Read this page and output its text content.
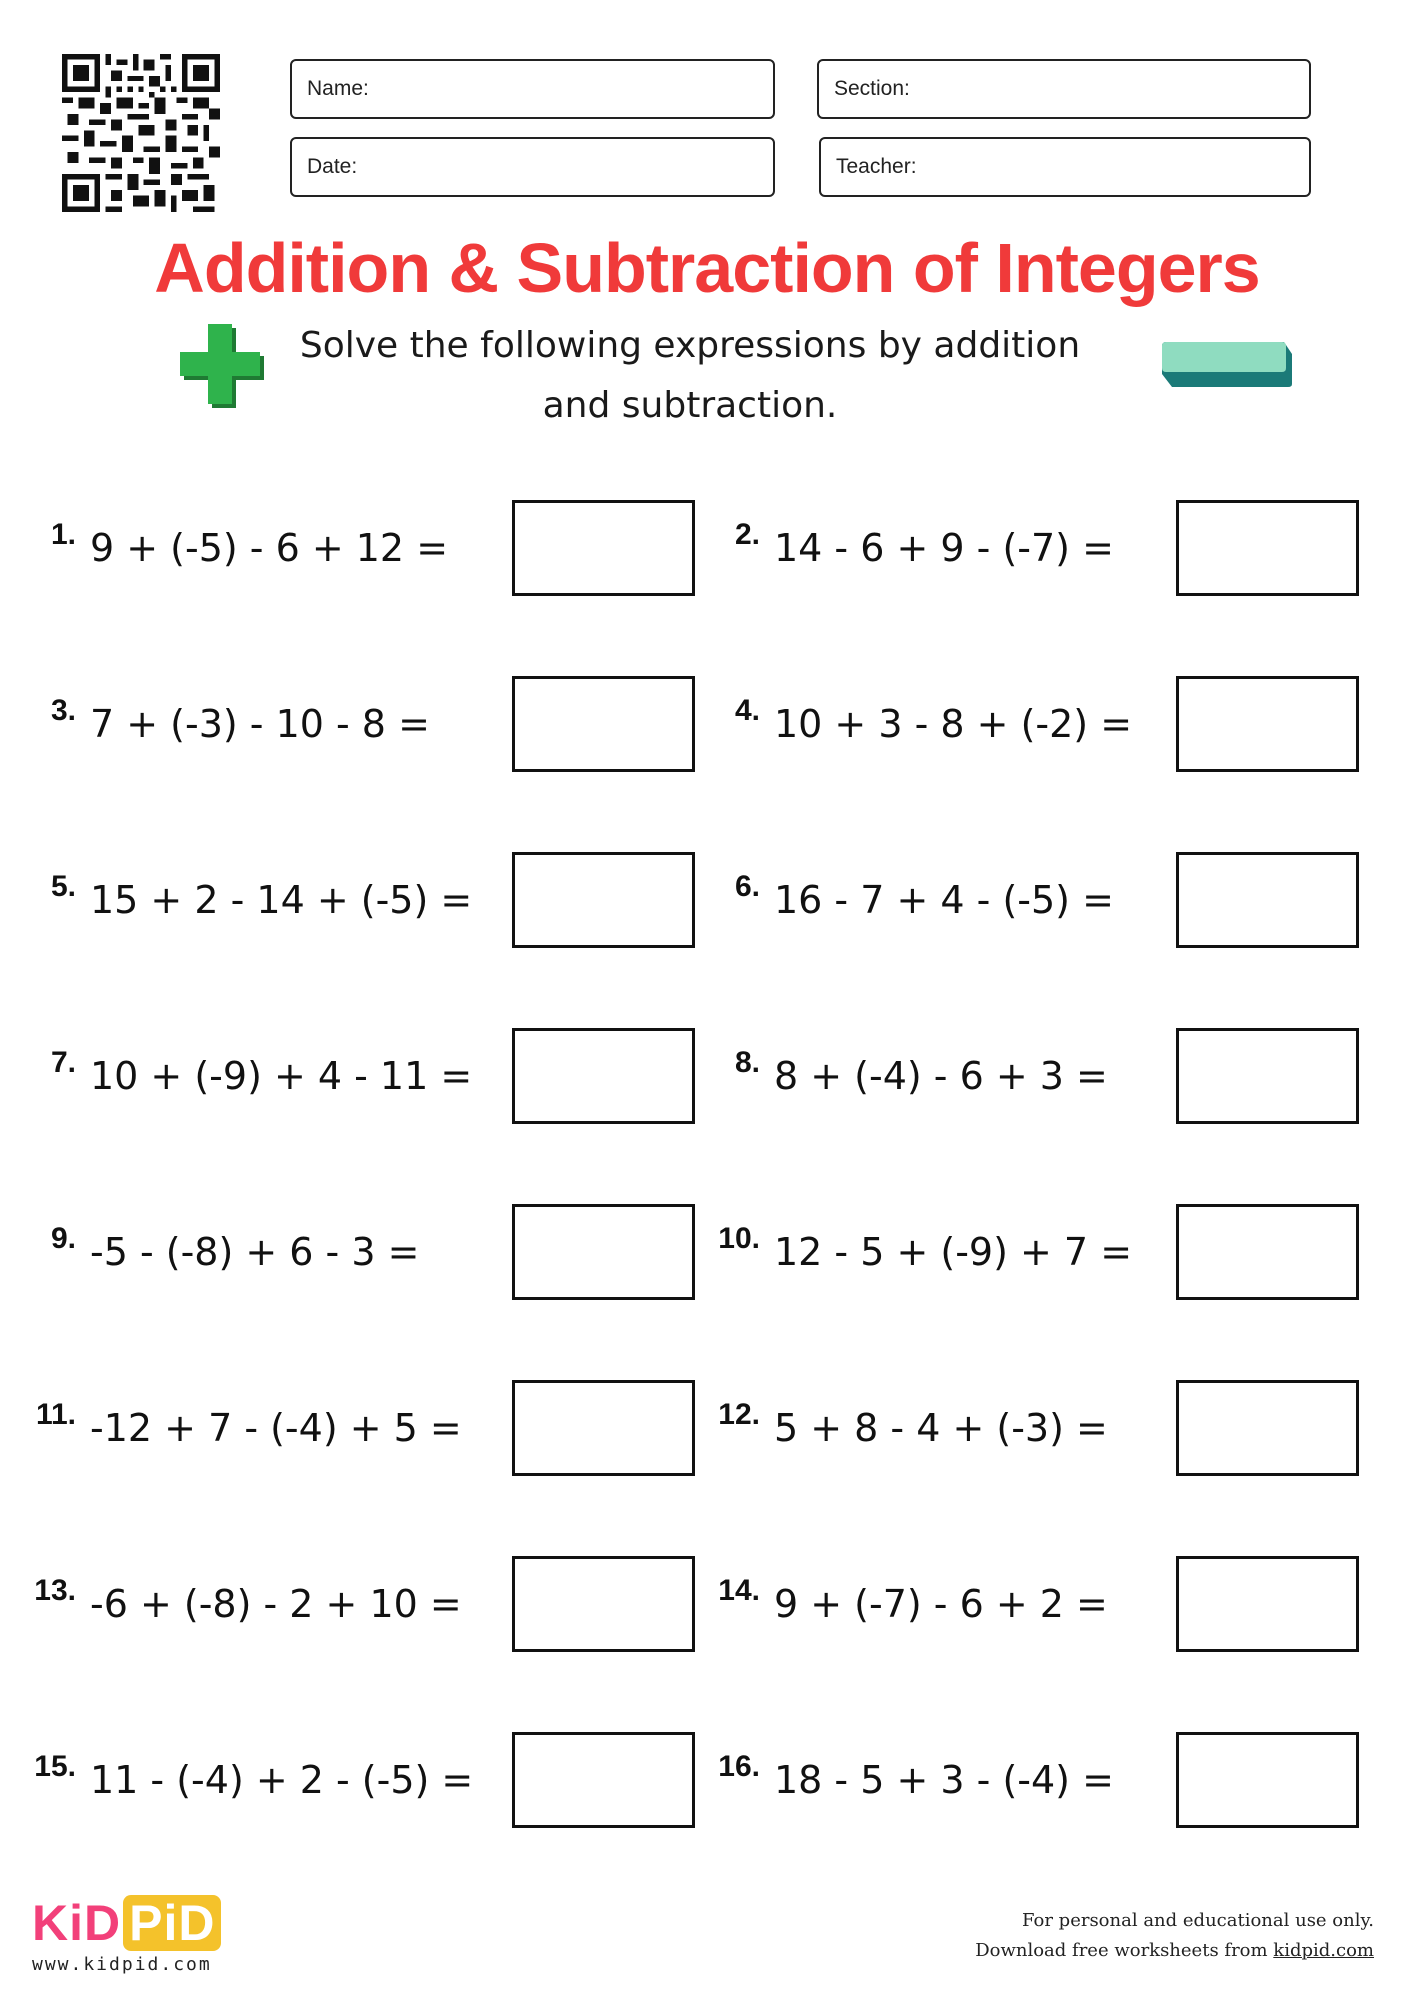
Name:	Section:
Date:	Teacher:
Addition & Subtraction of Integers
Solve the following expressions by addition
and subtraction.
1. 9 + (-5) - 6 + 12 =
3. 7 + (-3) - 10 - 8 =
5. 15 + 2 - 14 + (-5) =
7. 10 + (-9) + 4 - 11 =
9. -5 - (-8) + 6 - 3 =
11. -12 + 7 - (-4) + 5 =
13. -6 + (-8) - 2 + 10 =
15. 11 - (-4) + 2 - (-5) =
2. 14 - 6 + 9 - (-7) =
4. 10 + 3 - 8 + (-2) =
6. 16 - 7 + 4 - (-5) =
8. 8 + (-4) - 6 + 3 =
10. 12 - 5 + (-9) + 7 =
12. 5 + 8 - 4 + (-3) =
14. 9 + (-7) - 6 + 2 =
16. 18 - 5 + 3 - (-4) =
KiD PiD
www.kidpid.com
For personal and educational use only.
Download free worksheets from kidpid.com
